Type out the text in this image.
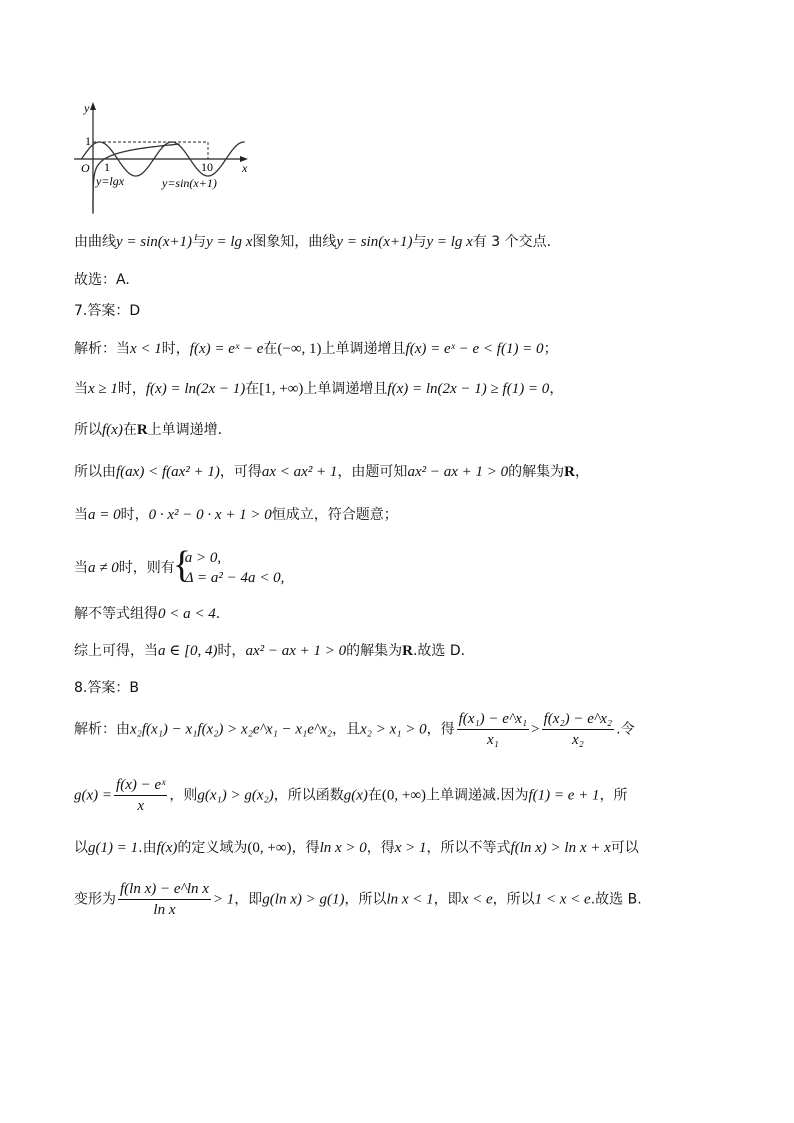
y
x
O
1
1	10
y=lgx	y=sin(x+1)
由曲线y = sin(x+1)与y = lg x图象知，曲线y = sin(x+1)与y = lg x有 3 个交点.
故选：A.
7.答案：D
解析：当x < 1时，f(x) = eˣ − e在(−∞, 1)上单调递增且f(x) = eˣ − e < f(1) = 0；
当x ≥ 1时，f(x) = ln(2x − 1)在[1, +∞)上单调递增且f(x) = ln(2x − 1) ≥ f(1) = 0，
所以f(x)在R上单调递增.
所以由f(ax) < f(ax² + 1)，可得ax < ax² + 1，由题可知ax² − ax + 1 > 0的解集为R，
当a = 0时，0 · x² − 0 · x + 1 > 0恒成立，符合题意；
当a ≠ 0时，则有
{
a > 0,
Δ = a² − 4a < 0,
解不等式组得0 < a < 4.
综上可得，当a ∈ [0, 4)时，ax² − ax + 1 > 0的解集为R.故选 D.
8.答案：B
解析：由x₂f(x₁) − x₁f(x₂) > x₂e^x₁ − x₁e^x₂，且x₂ > x₁ > 0，得 $\frac{\text{f(x₁) − e\textasciicircum{}x₁}}{\text{x₁}} > \frac{\text{f(x₂) − e\textasciicircum{}x₂}}{\text{x₂}}$ .令
$g(x) = \frac{\text{f(x) − eˣ}}{x}$ ，则g(x₁) > g(x₂)，所以函数g(x)在(0, +∞)上单调递减.因为f(1) = e + 1，所
以g(1) = 1.由f(x)的定义域为(0, +∞)，得ln x > 0，得x > 1，所以不等式f(ln x) > ln x + x可以
变形为 $\frac{\text{f(ln x) − e\textasciicircum{}ln x}}{\text{ln x}} > 1$，即g(ln x) > g(1)，所以ln x < 1，即x < e，所以1 < x < e.故选 B.
